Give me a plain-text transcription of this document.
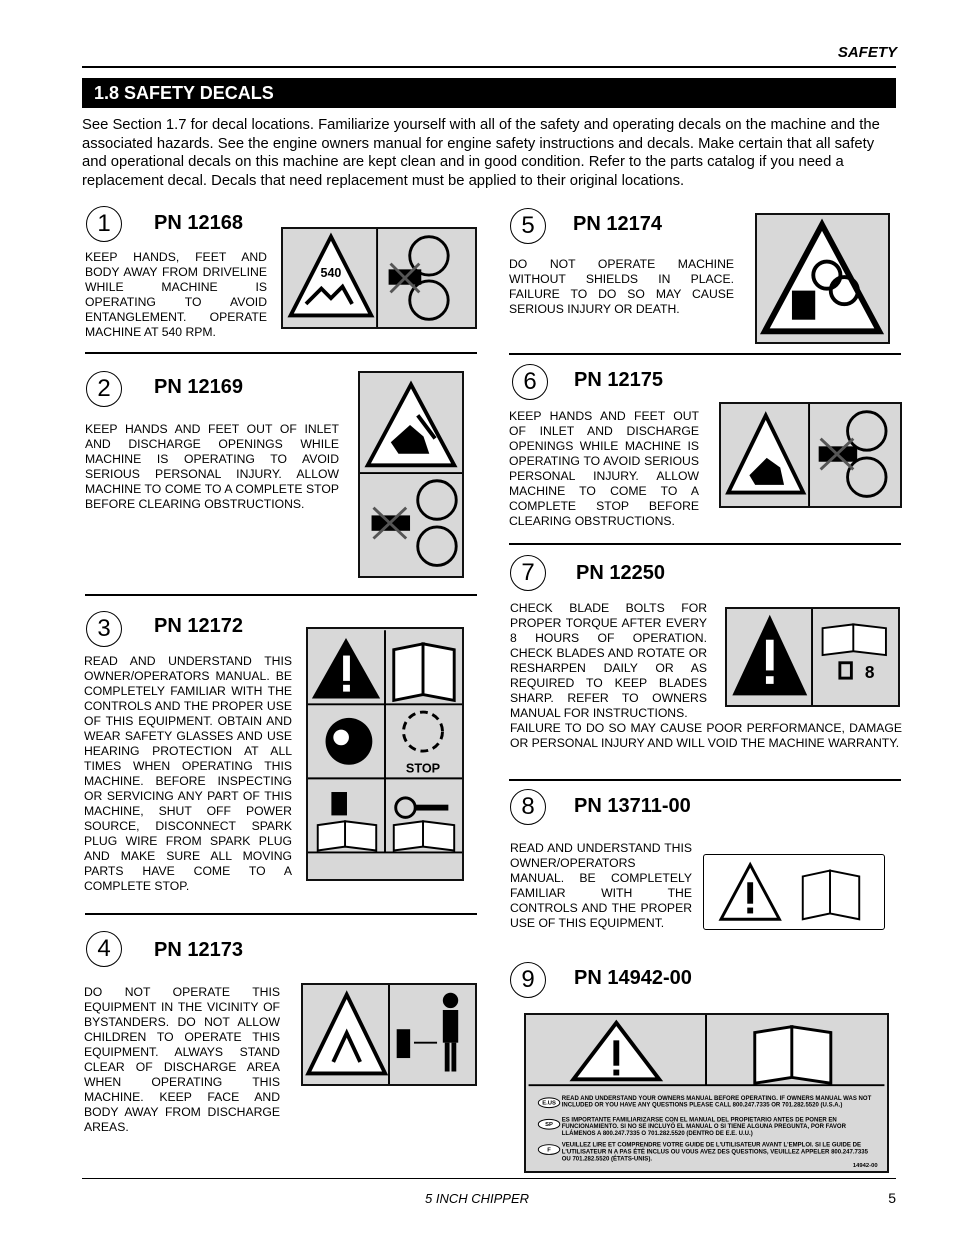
SAFETY
1.8 SAFETY DECALS
See Section 1.7 for decal locations. Familiarize yourself with all of the safety and operating decals on the machine and the associated hazards. See the engine owners manual for engine safety instructions and decals. Make certain that all safety and operational decals on this machine are kept clean and in good condition. Refer to the parts catalog if you need a replacement decal. Decals that need replacement must be applied to their original locations.
1	PN 12168
KEEP HANDS, FEET AND BODY AWAY FROM DRIVELINE WHILE MACHINE IS OPERATING TO AVOID ENTANGLEMENT. OPERATE MACHINE AT 540 RPM.
540
2	PN 12169
KEEP HANDS AND FEET OUT OF INLET AND DISCHARGE OPENINGS WHILE MACHINE IS OPERATING TO AVOID SERIOUS PERSONAL INJURY. ALLOW MACHINE TO COME TO A COMPLETE STOP BEFORE CLEARING OBSTRUCTIONS.
3	PN 12172
READ AND UNDERSTAND THIS OWNER/OPERATORS MANUAL. BE COMPLETELY FAMILIAR WITH THE CONTROLS AND THE PROPER USE OF THIS EQUIPMENT. OBTAIN AND WEAR SAFETY GLASSES AND USE HEARING PROTECTION AT ALL TIMES WHEN OPERATING THIS MACHINE. BEFORE INSPECTING OR SERVICING ANY PART OF THIS MACHINE, SHUT OFF POWER SOURCE, DISCONNECT SPARK PLUG WIRE FROM SPARK PLUG AND MAKE SURE ALL MOVING PARTS HAVE COME TO A COMPLETE STOP.
STOP
4	PN 12173
DO NOT OPERATE THIS EQUIPMENT IN THE VICINITY OF BYSTANDERS. DO NOT ALLOW CHILDREN TO OPERATE THIS EQUIPMENT. ALWAYS STAND CLEAR OF DISCHARGE AREA WHEN OPERATING THIS MACHINE. KEEP FACE AND BODY AWAY FROM DISCHARGE AREAS.
5	PN 12174
DO NOT OPERATE MACHINE WITHOUT SHIELDS IN PLACE. FAILURE TO DO SO MAY CAUSE SERIOUS INJURY OR DEATH.
6	PN 12175
KEEP HANDS AND FEET OUT OF INLET AND DISCHARGE OPENINGS WHILE MACHINE IS OPERATING TO AVOID SERIOUS PERSONAL INJURY. ALLOW MACHINE TO COME TO A COMPLETE STOP BEFORE CLEARING OBSTRUCTIONS.
7	PN 12250
CHECK BLADE BOLTS FOR PROPER TORQUE AFTER EVERY 8 HOURS OF OPERATION. CHECK BLADES AND ROTATE OR RESHARPEN DAILY OR AS REQUIRED TO KEEP BLADES SHARP. REFER TO OWNERS MANUAL FOR INSTRUCTIONS.
FAILURE TO DO SO MAY CAUSE POOR PERFORMANCE, DAMAGE OR PERSONAL INJURY AND WILL VOID THE MACHINE WARRANTY.
8
8	PN 13711-00
READ AND UNDERSTAND THIS OWNER/OPERATORS MANUAL. BE COMPLETELY FAMILIAR WITH THE CONTROLS AND THE PROPER USE OF THIS EQUIPMENT.
9	PN 14942-00
E.US
READ AND UNDERSTAND YOUR OWNERS MANUAL BEFORE OPERATING. IF OWNERS MANUAL WAS NOT INCLUDED OR YOU HAVE ANY QUESTIONS PLEASE CALL 800.247.7335 OR 701.282.5520 (U.S.A.)
SP
ES IMPORTANTE FAMILIARIZARSE CON EL MANUAL DEL PROPIETARIO ANTES DE PONER EN FUNCIONAMIENTO. SI NO SE INCLUYÓ EL MANUAL O SI TIENE ALGUNA PREGUNTA, POR FAVOR LLÁMENOS A 800.247.7335 O 701.282.5520 (DENTRO DE E.E. U.U.)
F
VEUILLEZ LIRE ET COMPRENDRE VOTRE GUIDE DE L'UTILISATEUR AVANT L'EMPLOI. SI LE GUIDE DE L'UTILISATEUR N A PAS ÉTÉ INCLUS OU VOUS AVEZ DES QUESTIONS, VEUILLEZ APPELER 800.247.7335 OU 701.282.5520 (ÉTATS-UNIS).
14942-00
5 INCH CHIPPER	5
